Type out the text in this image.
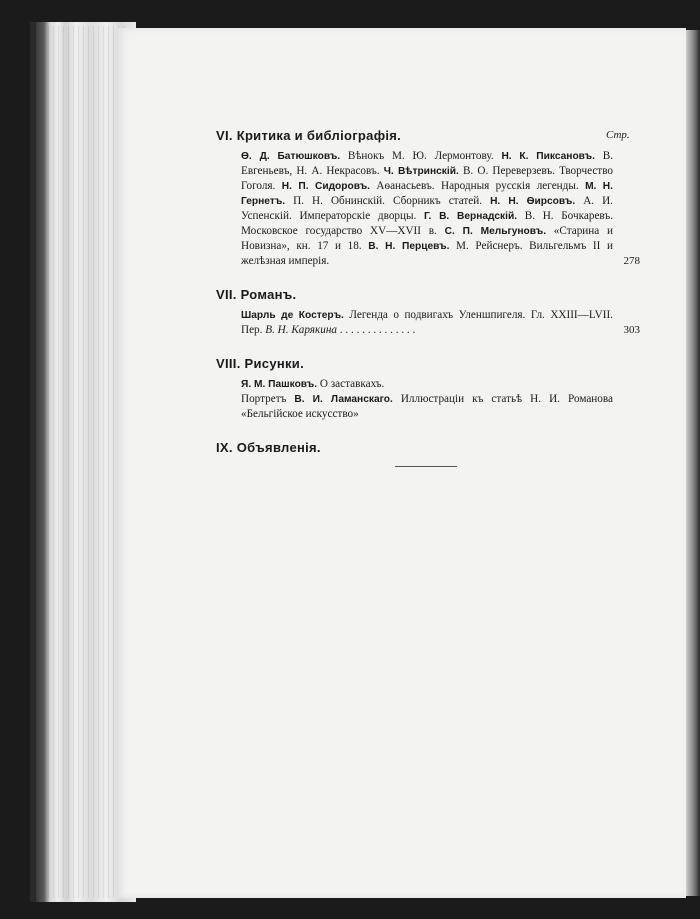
Стр.
VI. Критика и библіографія.
Ө. Д. Батюшковъ. Вѣнокъ М. Ю. Лермонтову. Н. К. Пиксановъ. В. Евгеньевъ, Н. А. Некрасовъ. Ч. Вѣтринскій. В. О. Переверзевъ. Творчество Гоголя. Н. П. Сидоровъ. Аѳанасьевъ. Народныя русскія легенды. М. Н. Гернетъ. П. Н. Обнинскій. Сборникъ статей. Н. Н. Ѳирсовъ. А. И. Успенскій. Императорскіе дворцы. Г. В. Вернадскій. В. Н. Бочкаревъ. Московское государство XV—XVII в. С. П. Мельгуновъ. «Старина и Новизна», кн. 17 и 18. В. Н. Перцевъ. М. Рейснеръ. Вильгельмъ II и желѣзная имперія.	278
VII. Романъ.
Шарль де Костеръ. Легенда о подвигахъ Уленшпигеля. Гл. XXIII—LVII. Пер. В. Н. Карякина . . . . . . . . . . . . . .	303
VIII. Рисунки.
Я. М. Пашковъ. О заставкахъ.
Портретъ В. И. Ламанскаго. Иллюстраціи къ статьѣ Н. И. Романова «Бельгійское искусство»
IX. Объявленія.
